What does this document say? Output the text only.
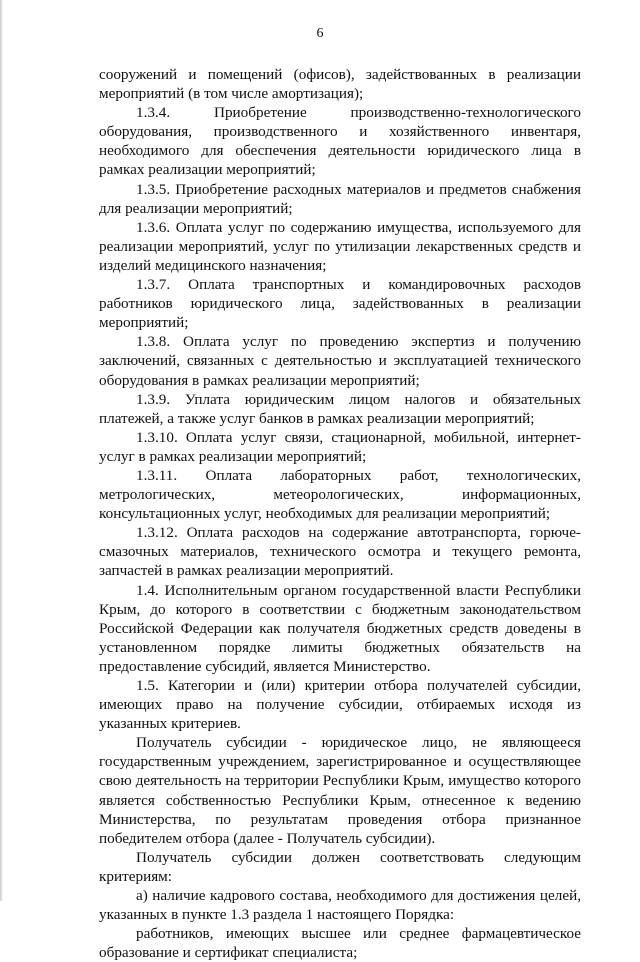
6

сооружений и помещений (офисов), задействованных в реализации мероприятий (в том числе амортизация);

1.3.4. Приобретение производственно-технологического оборудования, производственного и хозяйственного инвентаря, необходимого для обеспечения деятельности юридического лица в рамках реализации мероприятий;

1.3.5. Приобретение расходных материалов и предметов снабжения для реализации мероприятий;

1.3.6. Оплата услуг по содержанию имущества, используемого для реализации мероприятий, услуг по утилизации лекарственных средств и изделий медицинского назначения;

1.3.7. Оплата транспортных и командировочных расходов работников юридического лица, задействованных в реализации мероприятий;

1.3.8. Оплата услуг по проведению экспертиз и получению заключений, связанных с деятельностью и эксплуатацией технического оборудования в рамках реализации мероприятий;

1.3.9. Уплата юридическим лицом налогов и обязательных платежей, а также услуг банков в рамках реализации мероприятий;

1.3.10. Оплата услуг связи, стационарной, мобильной, интернет-услуг в рамках реализации мероприятий;

1.3.11. Оплата лабораторных работ, технологических, метрологических, метеорологических, информационных, консультационных услуг, необходимых для реализации мероприятий;

1.3.12. Оплата расходов на содержание автотранспорта, горюче-смазочных материалов, технического осмотра и текущего ремонта, запчастей в рамках реализации мероприятий.

1.4. Исполнительным органом государственной власти Республики Крым, до которого в соответствии с бюджетным законодательством Российской Федерации как получателя бюджетных средств доведены в установленном порядке лимиты бюджетных обязательств на предоставление субсидий, является Министерство.

1.5. Категории и (или) критерии отбора получателей субсидии, имеющих право на получение субсидии, отбираемых исходя из указанных критериев.

Получатель субсидии - юридическое лицо, не являющееся государственным учреждением, зарегистрированное и осуществляющее свою деятельность на территории Республики Крым, имущество которого является собственностью Республики Крым, отнесенное к ведению Министерства, по результатам проведения отбора признанное победителем отбора (далее - Получатель субсидии).

Получатель субсидии должен соответствовать следующим критериям:

а) наличие кадрового состава, необходимого для достижения целей, указанных в пункте 1.3 раздела 1 настоящего Порядка:

работников, имеющих высшее или среднее фармацевтическое образование и сертификат специалиста;
